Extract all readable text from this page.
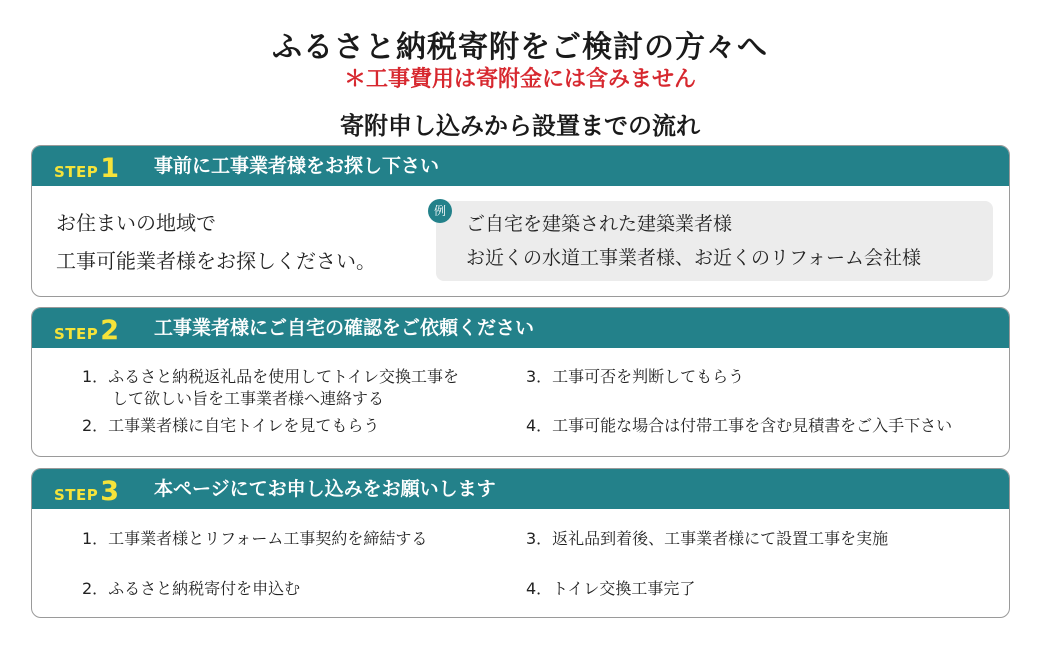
ふるさと納税寄附をご検討の方々へ
＊工事費用は寄附金には含みません
寄附申し込みから設置までの流れ
STEP 1 事前に工事業者様をお探し下さい
お住まいの地域で
工事可能業者様をお探しください。
例
ご自宅を建築された建築業者様
お近くの水道工事業者様、お近くのリフォーム会社様
STEP 2 工事業者様にご自宅の確認をご依頼ください
1．ふるさと納税返礼品を使用してトイレ交換工事を
して欲しい旨を工事業者様へ連絡する
2．工事業者様に自宅トイレを見てもらう
3．工事可否を判断してもらう
4．工事可能な場合は付帯工事を含む見積書をご入手下さい
STEP 3 本ページにてお申し込みをお願いします
1．工事業者様とリフォーム工事契約を締結する
2．ふるさと納税寄付を申込む
3．返礼品到着後、工事業者様にて設置工事を実施
4．トイレ交換工事完了
